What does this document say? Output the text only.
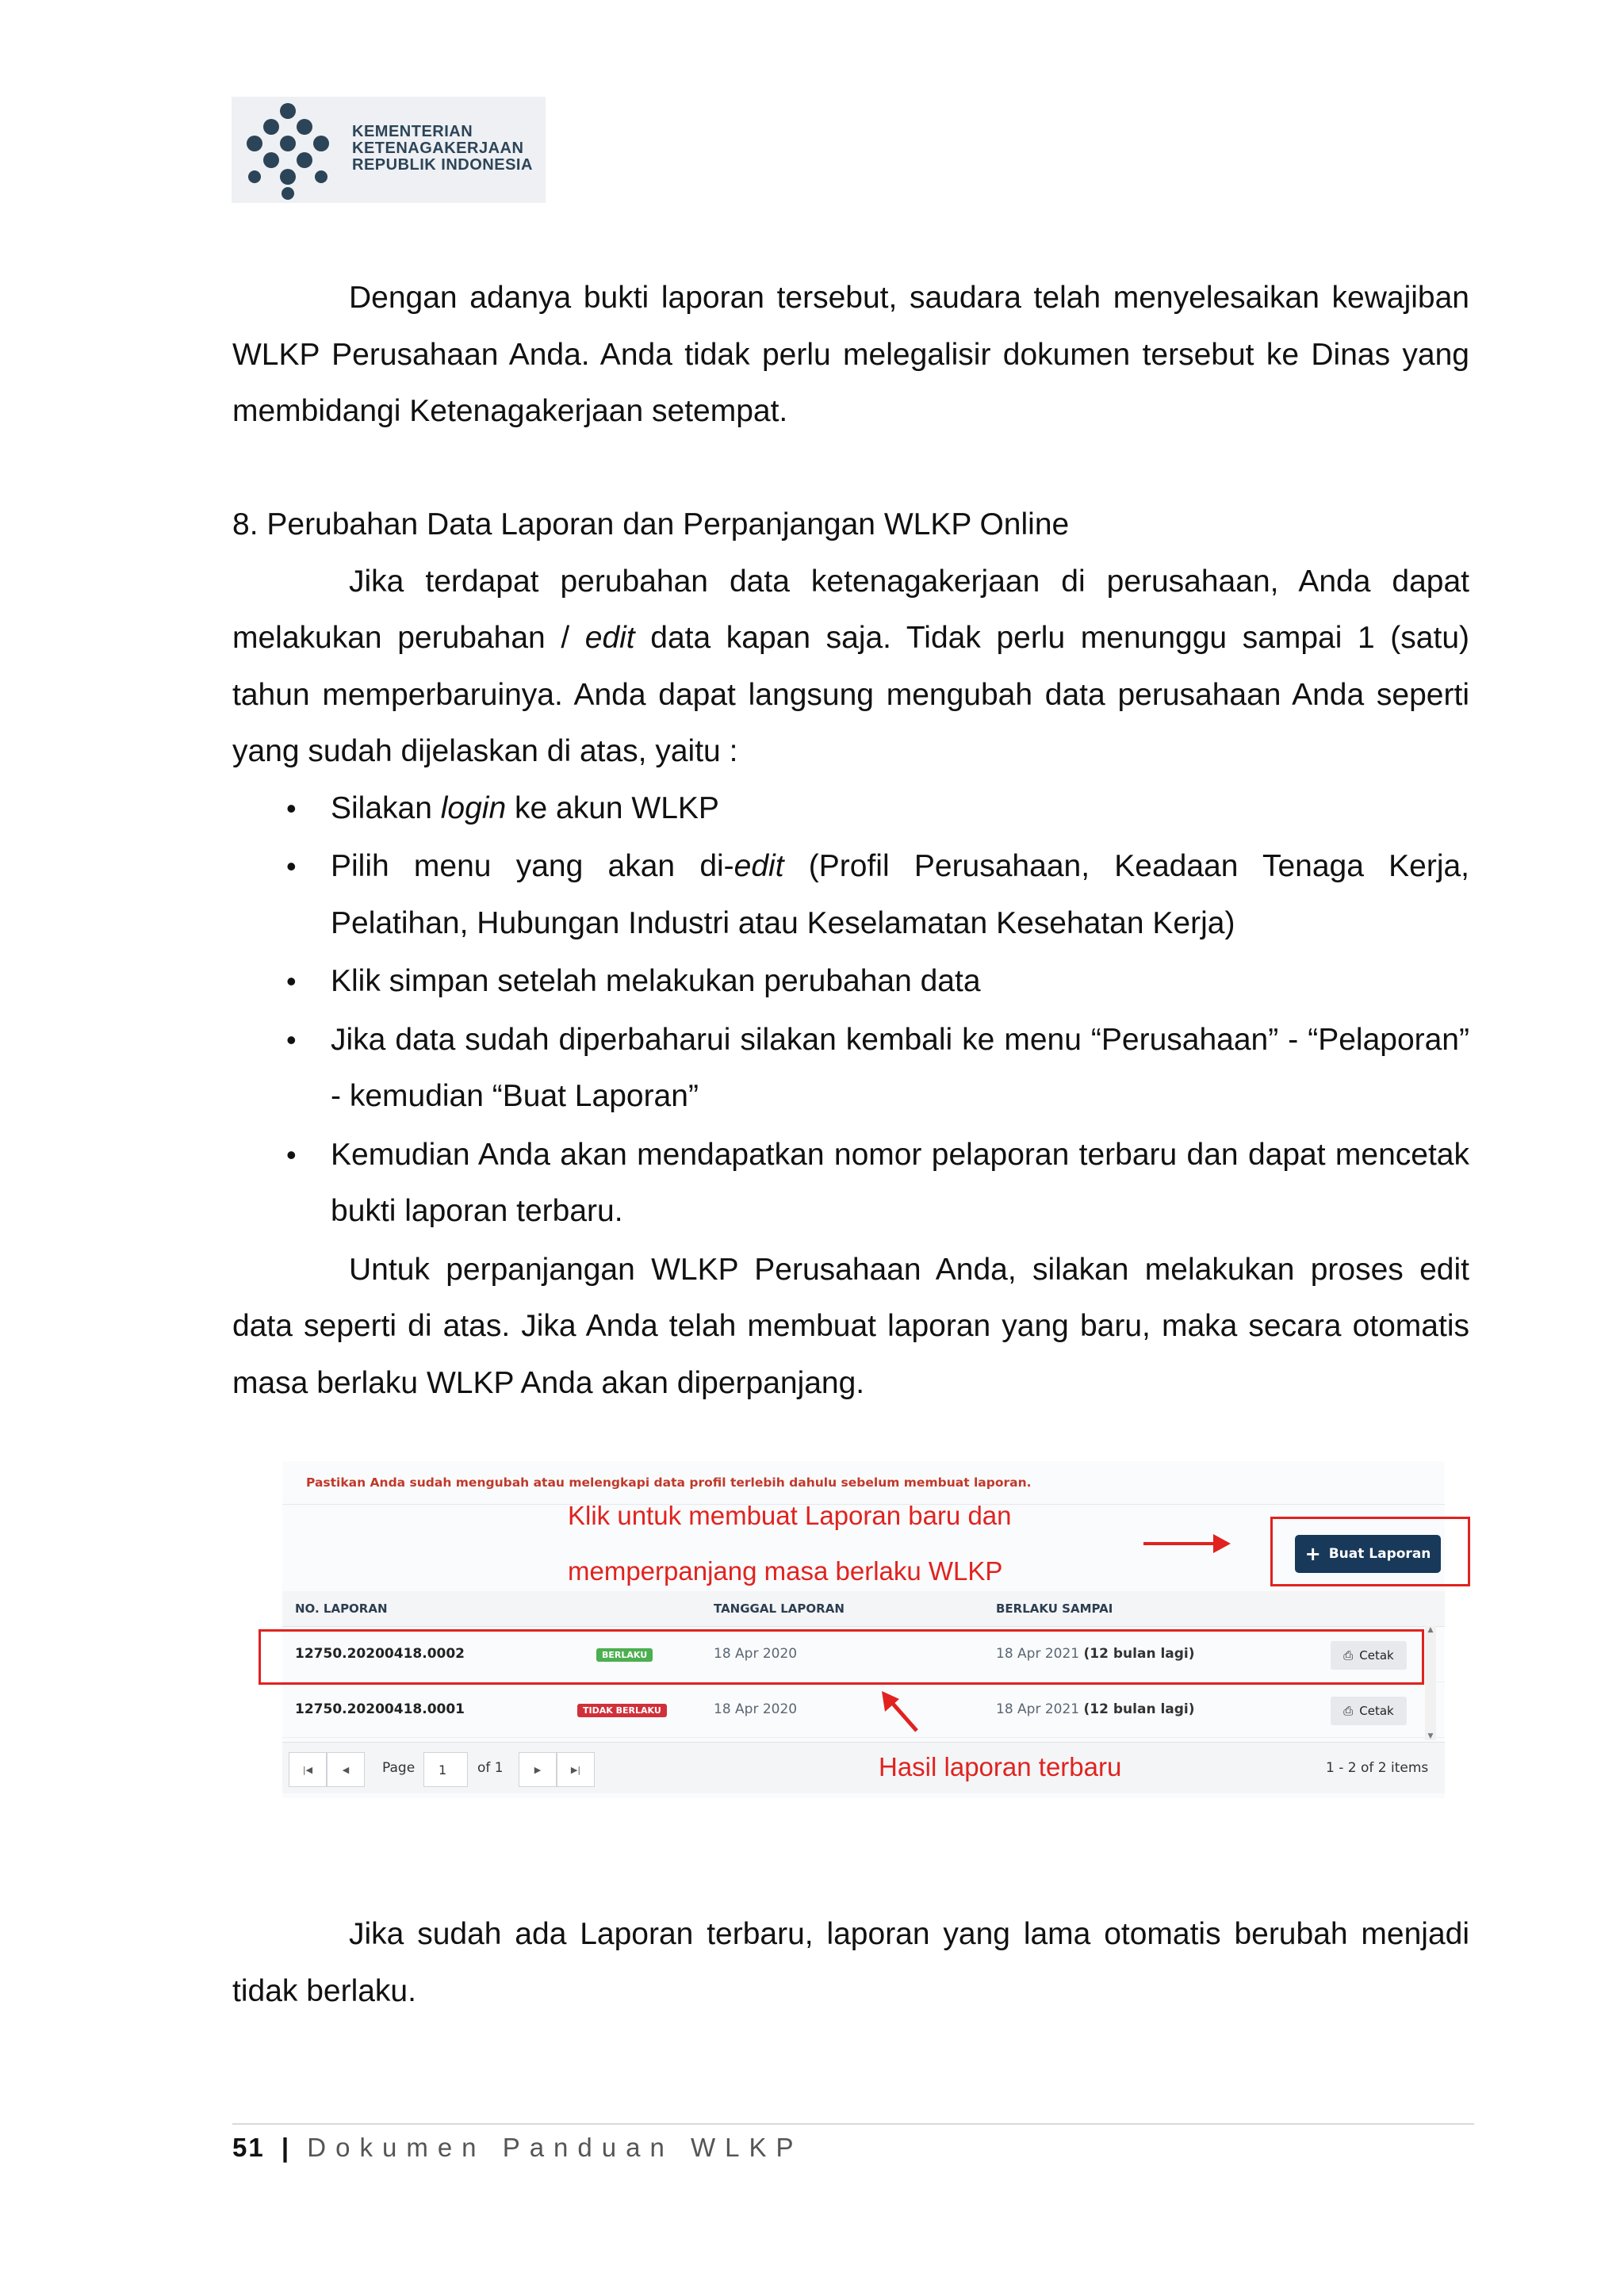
KEMENTERIAN
KETENAGAKERJAAN
REPUBLIK INDONESIA

Dengan adanya bukti laporan tersebut, saudara telah menyelesaikan kewajiban WLKP Perusahaan Anda. Anda tidak perlu melegalisir dokumen tersebut ke Dinas yang membidangi Ketenagakerjaan setempat.

8. Perubahan Data Laporan dan Perpanjangan WLKP Online

Jika terdapat perubahan data ketenagakerjaan di perusahaan, Anda dapat melakukan perubahan / edit data kapan saja. Tidak perlu menunggu sampai 1 (satu) tahun memperbaruinya. Anda dapat langsung mengubah data perusahaan Anda seperti yang sudah dijelaskan di atas, yaitu :

• Silakan login ke akun WLKP
• Pilih menu yang akan di-edit (Profil Perusahaan, Keadaan Tenaga Kerja, Pelatihan, Hubungan Industri atau Keselamatan Kesehatan Kerja)
• Klik simpan setelah melakukan perubahan data
• Jika data sudah diperbaharui silakan kembali ke menu “Perusahaan” - “Pelaporan” - kemudian “Buat Laporan”
• Kemudian Anda akan mendapatkan nomor pelaporan terbaru dan dapat mencetak bukti laporan terbaru.

Untuk perpanjangan WLKP Perusahaan Anda, silakan melakukan proses edit data seperti di atas. Jika Anda telah membuat laporan yang baru, maka secara otomatis masa berlaku WLKP Anda akan diperpanjang.

Pastikan Anda sudah mengubah atau melengkapi data profil terlebih dahulu sebelum membuat laporan.
Klik untuk membuat Laporan baru dan
memperpanjang masa berlaku WLKP
+ Buat Laporan
NO. LAPORAN	TANGGAL LAPORAN	BERLAKU SAMPAI
12750.20200418.0002	BERLAKU	18 Apr 2020	18 Apr 2021 (12 bulan lagi)	⎙ Cetak
12750.20200418.0001	TIDAK BERLAKU	18 Apr 2020	18 Apr 2021 (12 bulan lagi)	⎙ Cetak
▲
▼
|◀	◀	Page	1	of 1	▶	▶|	1 - 2 of 2 items
Hasil laporan terbaru

Jika sudah ada Laporan terbaru, laporan yang lama otomatis berubah menjadi tidak berlaku.

51 | Dokumen Panduan WLKP
